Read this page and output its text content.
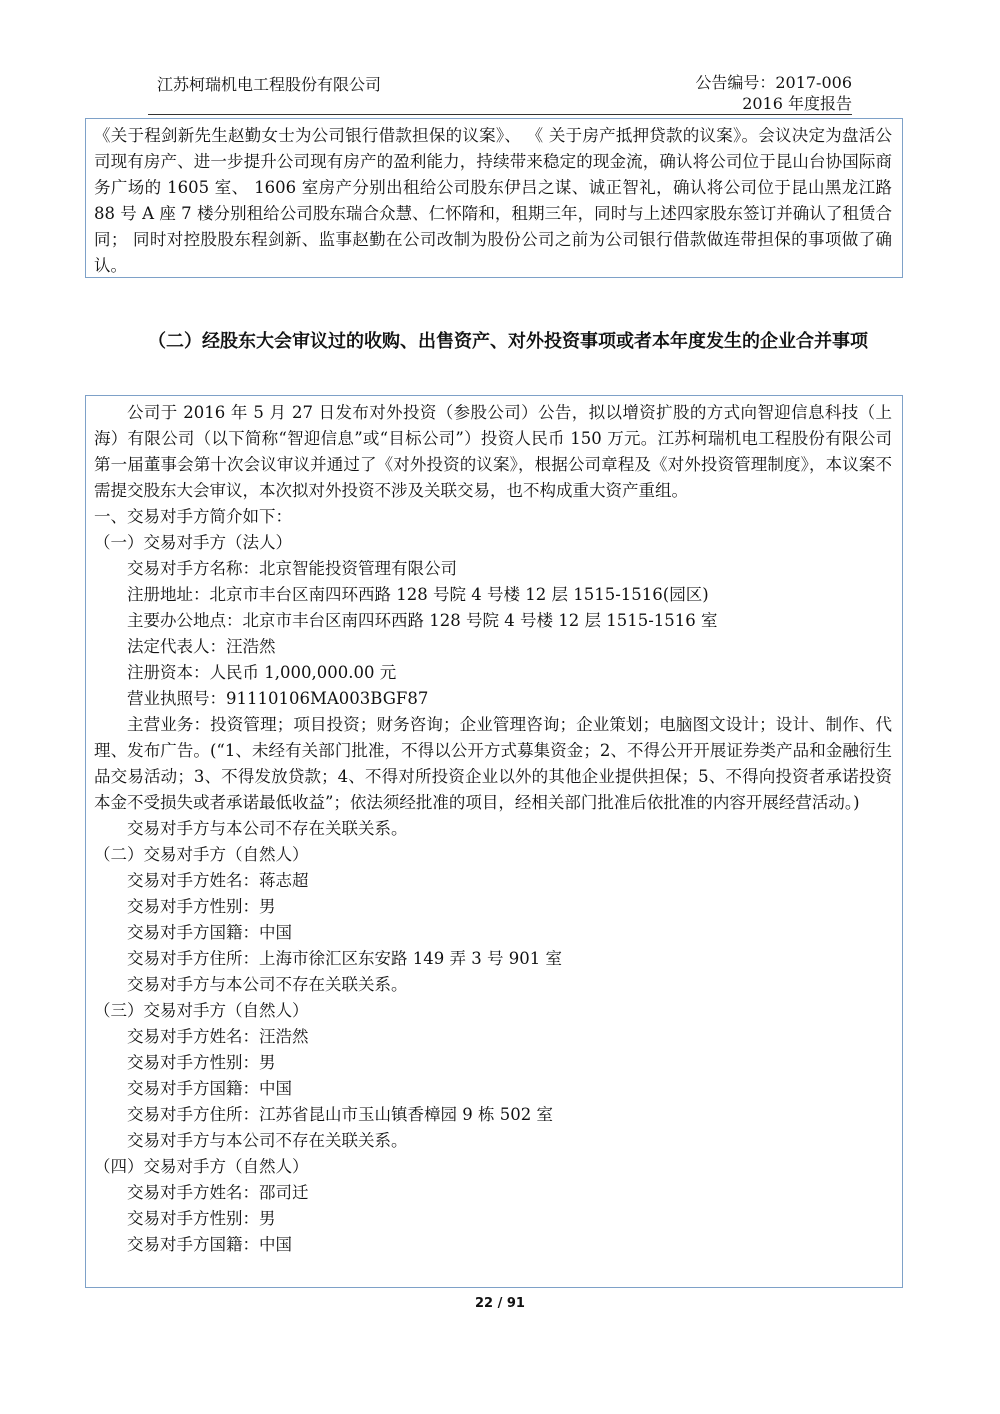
江苏柯瑞机电工程股份有限公司	公告编号：2017-006
2016 年度报告

《关于程剑新先生赵勤女士为公司银行借款担保的议案》、 《 关于房产抵押贷款的议案》。会议决定为盘活公司现有房产、进一步提升公司现有房产的盈利能力，持续带来稳定的现金流，确认将公司位于昆山台协国际商务广场的 1605 室、 1606 室房产分别出租给公司股东伊吕之谋、诚正智礼，确认将公司位于昆山黑龙江路 88 号 A 座 7 楼分别租给公司股东瑞合众慧、仁怀隋和，租期三年，同时与上述四家股东签订并确认了租赁合同； 同时对控股股东程剑新、监事赵勤在公司改制为股份公司之前为公司银行借款做连带担保的事项做了确认。

（二）经股东大会审议过的收购、出售资产、对外投资事项或者本年度发生的企业合并事项

公司于 2016 年 5 月 27 日发布对外投资（参股公司）公告，拟以增资扩股的方式向智迎信息科技（上海）有限公司（以下简称“智迎信息”或“目标公司”）投资人民币 150 万元。江苏柯瑞机电工程股份有限公司第一届董事会第十次会议审议并通过了《对外投资的议案》，根据公司章程及《对外投资管理制度》，本议案不需提交股东大会审议，本次拟对外投资不涉及关联交易，也不构成重大资产重组。

一、交易对手方简介如下：

（一）交易对手方（法人）

交易对手方名称：北京智能投资管理有限公司

注册地址：北京市丰台区南四环西路 128 号院 4 号楼 12 层 1515-1516(园区)

主要办公地点：北京市丰台区南四环西路 128 号院 4 号楼 12 层 1515-1516 室

法定代表人：汪浩然

注册资本：人民币 1,000,000.00 元

营业执照号：91110106MA003BGF87

主营业务：投资管理；项目投资；财务咨询；企业管理咨询；企业策划；电脑图文设计；设计、制作、代理、发布广告。(“1、未经有关部门批准，不得以公开方式募集资金；2、不得公开开展证券类产品和金融衍生品交易活动；3、不得发放贷款；4、不得对所投资企业以外的其他企业提供担保；5、不得向投资者承诺投资本金不受损失或者承诺最低收益”；依法须经批准的项目，经相关部门批准后依批准的内容开展经营活动。)

交易对手方与本公司不存在关联关系。

（二）交易对手方（自然人）

交易对手方姓名：蒋志超

交易对手方性别：男

交易对手方国籍：中国

交易对手方住所：上海市徐汇区东安路 149 弄 3 号 901 室

交易对手方与本公司不存在关联关系。

（三）交易对手方（自然人）

交易对手方姓名：汪浩然

交易对手方性别：男

交易对手方国籍：中国

交易对手方住所：江苏省昆山市玉山镇香樟园 9 栋 502 室

交易对手方与本公司不存在关联关系。

（四）交易对手方（自然人）

交易对手方姓名：邵司迁

交易对手方性别：男

交易对手方国籍：中国

22 / 91
